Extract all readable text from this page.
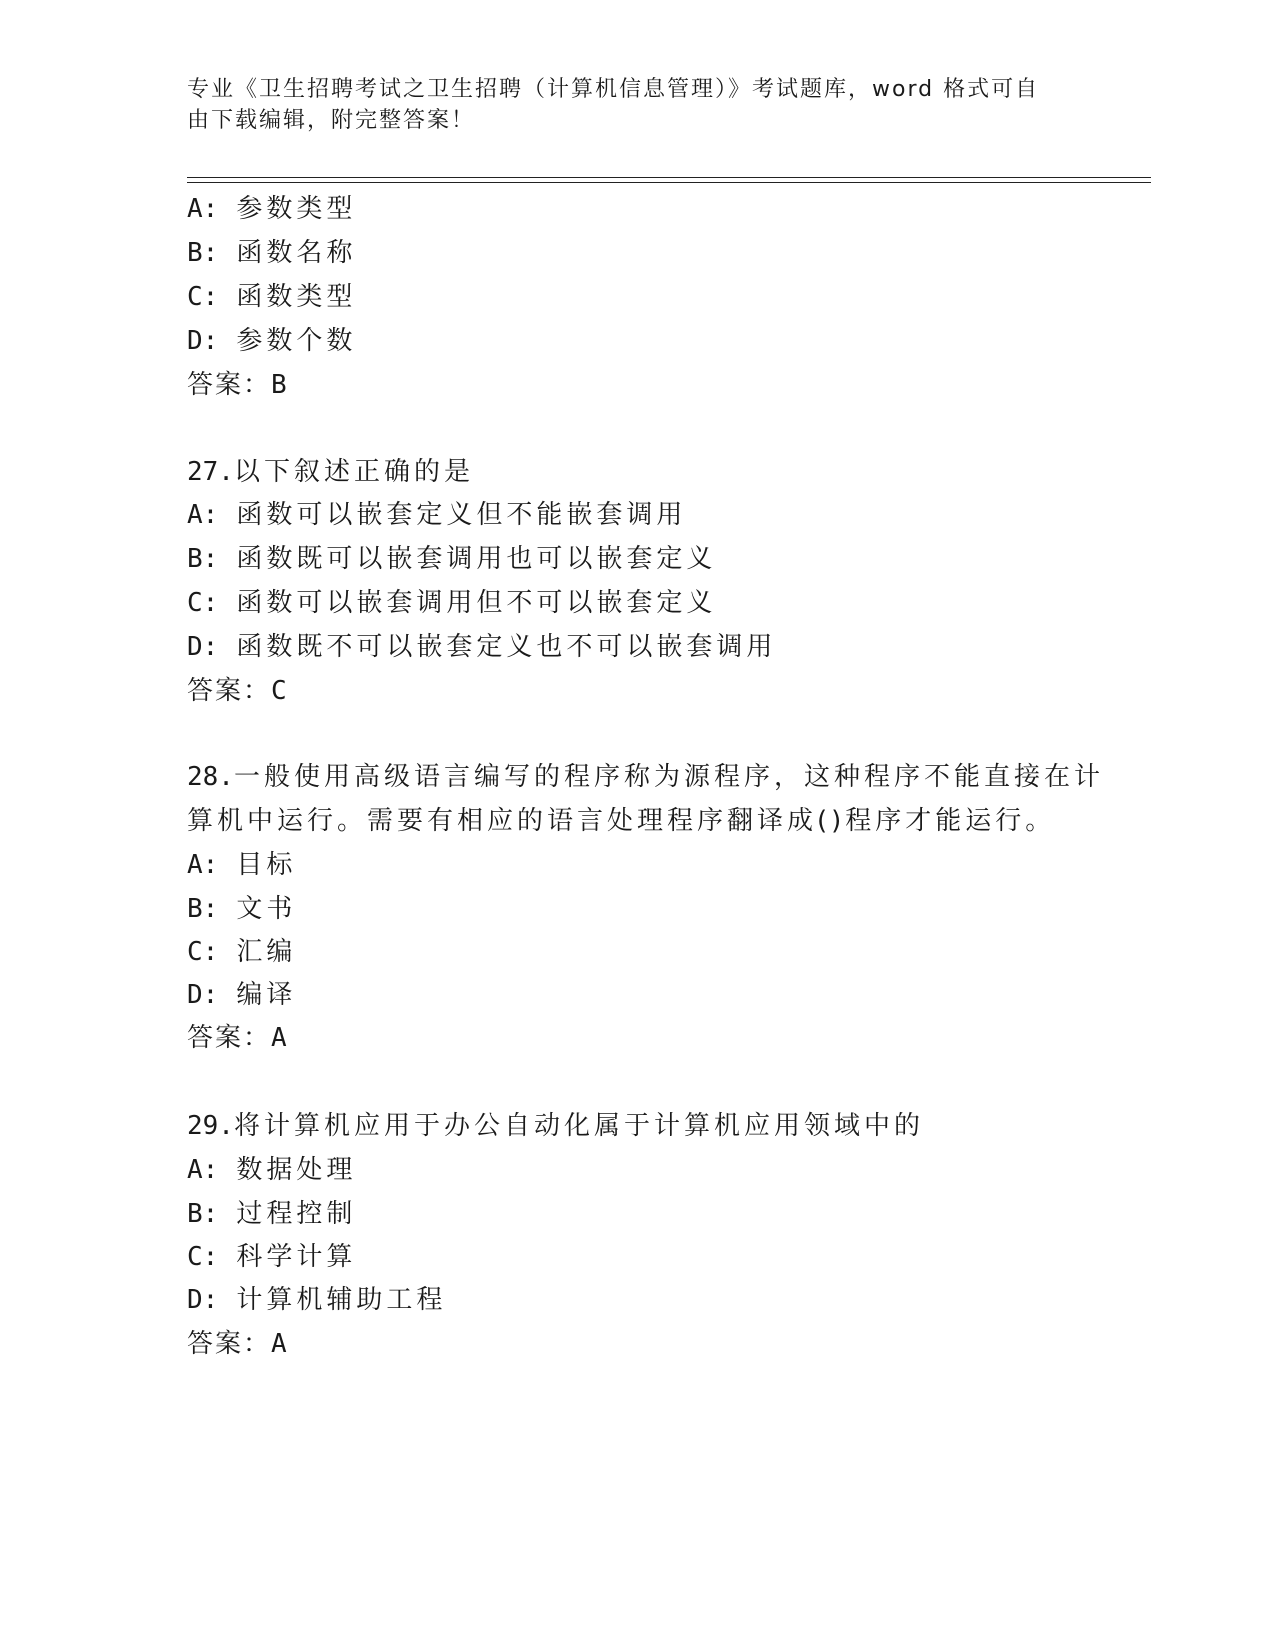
专业《卫生招聘考试之卫生招聘（计算机信息管理）》考试题库，word 格式可自
由下载编辑，附完整答案！
A: 参数类型
B: 函数名称
C: 函数类型
D: 参数个数
答案：B
27.以下叙述正确的是
A: 函数可以嵌套定义但不能嵌套调用
B: 函数既可以嵌套调用也可以嵌套定义
C: 函数可以嵌套调用但不可以嵌套定义
D: 函数既不可以嵌套定义也不可以嵌套调用
答案：C
28.一般使用高级语言编写的程序称为源程序，这种程序不能直接在计
算机中运行。需要有相应的语言处理程序翻译成()程序才能运行。
A: 目标
B: 文书
C: 汇编
D: 编译
答案：A
29.将计算机应用于办公自动化属于计算机应用领域中的
A: 数据处理
B: 过程控制
C: 科学计算
D: 计算机辅助工程
答案：A
